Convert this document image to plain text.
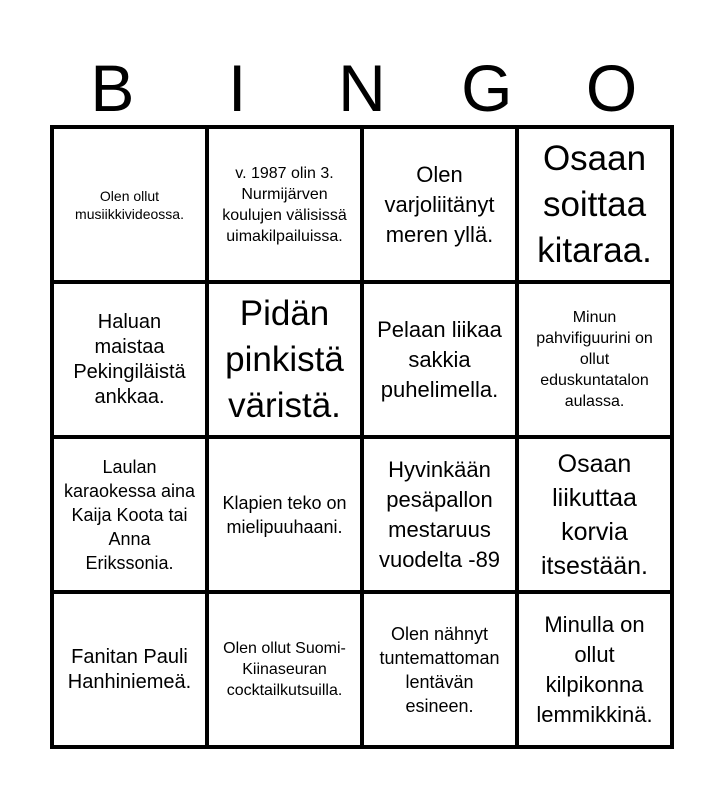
B	I	N	G	O
Olen ollut musiikkivideossa.
v. 1987 olin 3. Nurmijärven koulujen välisissä uimakilpailuissa.
Olen varjoliitänyt meren yllä.
Osaan soittaa kitaraa.
Haluan maistaa Pekingiläistä ankkaa.
Pidän pinkistä väristä.
Pelaan liikaa sakkia puhelimella.
Minun pahvifiguurini on ollut eduskuntatalon aulassa.
Laulan karaokessa aina Kaija Koota tai Anna Erikssonia.
Klapien teko on mielipuuhaani.
Hyvinkään pesäpallon mestaruus vuodelta -89
Osaan liikuttaa korvia itsestään.
Fanitan Pauli Hanhiniemeä.
Olen ollut Suomi-Kiinaseuran cocktailkutsuilla.
Olen nähnyt tuntemattoman lentävän esineen.
Minulla on ollut kilpikonna lemmikkinä.
